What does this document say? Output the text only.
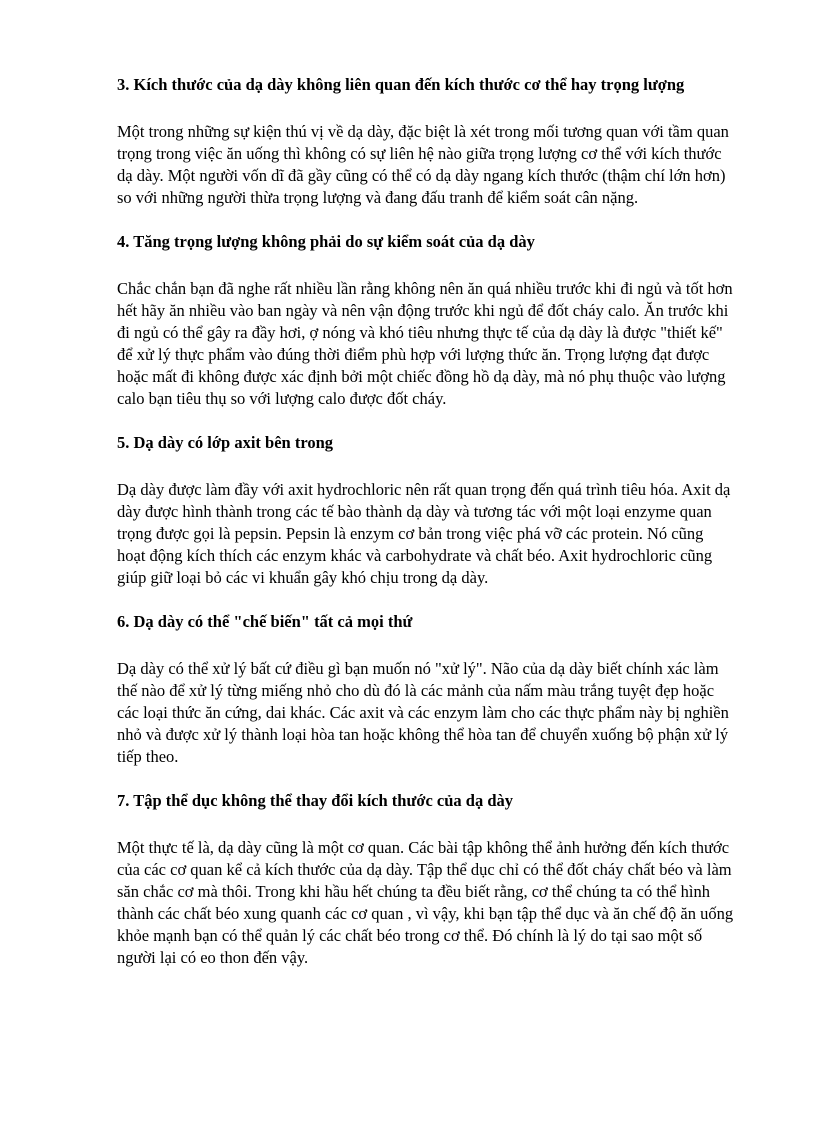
3. Kích thước của dạ dày không liên quan đến kích thước cơ thể hay trọng lượng

Một trong những sự kiện thú vị về dạ dày, đặc biệt là xét trong mối tương quan với tầm quan trọng trong việc ăn uống thì không có sự liên hệ nào giữa trọng lượng cơ thể với kích thước dạ dày. Một người vốn dĩ đã gầy cũng có thể có dạ dày ngang kích thước (thậm chí lớn hơn) so với những người thừa trọng lượng và đang đấu tranh để kiểm soát cân nặng.

4. Tăng trọng lượng không phải do sự kiểm soát của dạ dày

Chắc chắn bạn đã nghe rất nhiều lần rằng không nên ăn quá nhiều trước khi đi ngủ và tốt hơn hết hãy ăn nhiều vào ban ngày và nên vận động trước khi ngủ để đốt cháy calo. Ăn trước khi đi ngủ có thể gây ra đầy hơi, ợ nóng và khó tiêu nhưng thực tế của dạ dày là được "thiết kế" để xử lý thực phẩm vào đúng thời điểm phù hợp với lượng thức ăn. Trọng lượng đạt được hoặc mất đi không được xác định bởi một chiếc đồng hồ dạ dày, mà nó phụ thuộc vào lượng calo bạn tiêu thụ so với lượng calo được đốt cháy.

5. Dạ dày có lớp axit bên trong

Dạ dày được làm đầy với axit hydrochloric nên rất quan trọng đến quá trình tiêu hóa. Axit dạ dày được hình thành trong các tế bào thành dạ dày và tương tác với một loại enzyme quan trọng được gọi là pepsin. Pepsin là enzym cơ bản trong việc phá vỡ các protein. Nó cũng hoạt động kích thích các enzym khác và carbohydrate và chất béo. Axit hydrochloric cũng giúp giữ loại bỏ các vi khuẩn gây khó chịu trong dạ dày.

6. Dạ dày có thể "chế biến" tất cả mọi thứ

Dạ dày có thể xử lý bất cứ điều gì bạn muốn nó "xử lý". Não của dạ dày biết chính xác làm thế nào để xử lý từng miếng nhỏ cho dù đó là các mảnh của nấm màu trắng tuyệt đẹp hoặc các loại thức ăn cứng, dai khác. Các axit và các enzym làm cho các thực phẩm này bị nghiền nhỏ và được xử lý thành loại hòa tan hoặc không thể hòa tan để chuyển xuống bộ phận xử lý tiếp theo.

7. Tập thể dục không thể thay đổi kích thước của dạ dày

Một thực tế là, dạ dày cũng là một cơ quan. Các bài tập không thể ảnh hưởng đến kích thước của các cơ quan kể cả kích thước của dạ dày. Tập thể dục chỉ có thể đốt cháy chất béo và làm săn chắc cơ mà thôi. Trong khi hầu hết chúng ta đều biết rằng, cơ thể chúng ta có thể hình thành các chất béo xung quanh các cơ quan , vì vậy, khi bạn tập thể dục và ăn chế độ ăn uống khỏe mạnh bạn có thể quản lý các chất béo trong cơ thể. Đó chính là lý do tại sao một số người lại có eo thon đến vậy.
